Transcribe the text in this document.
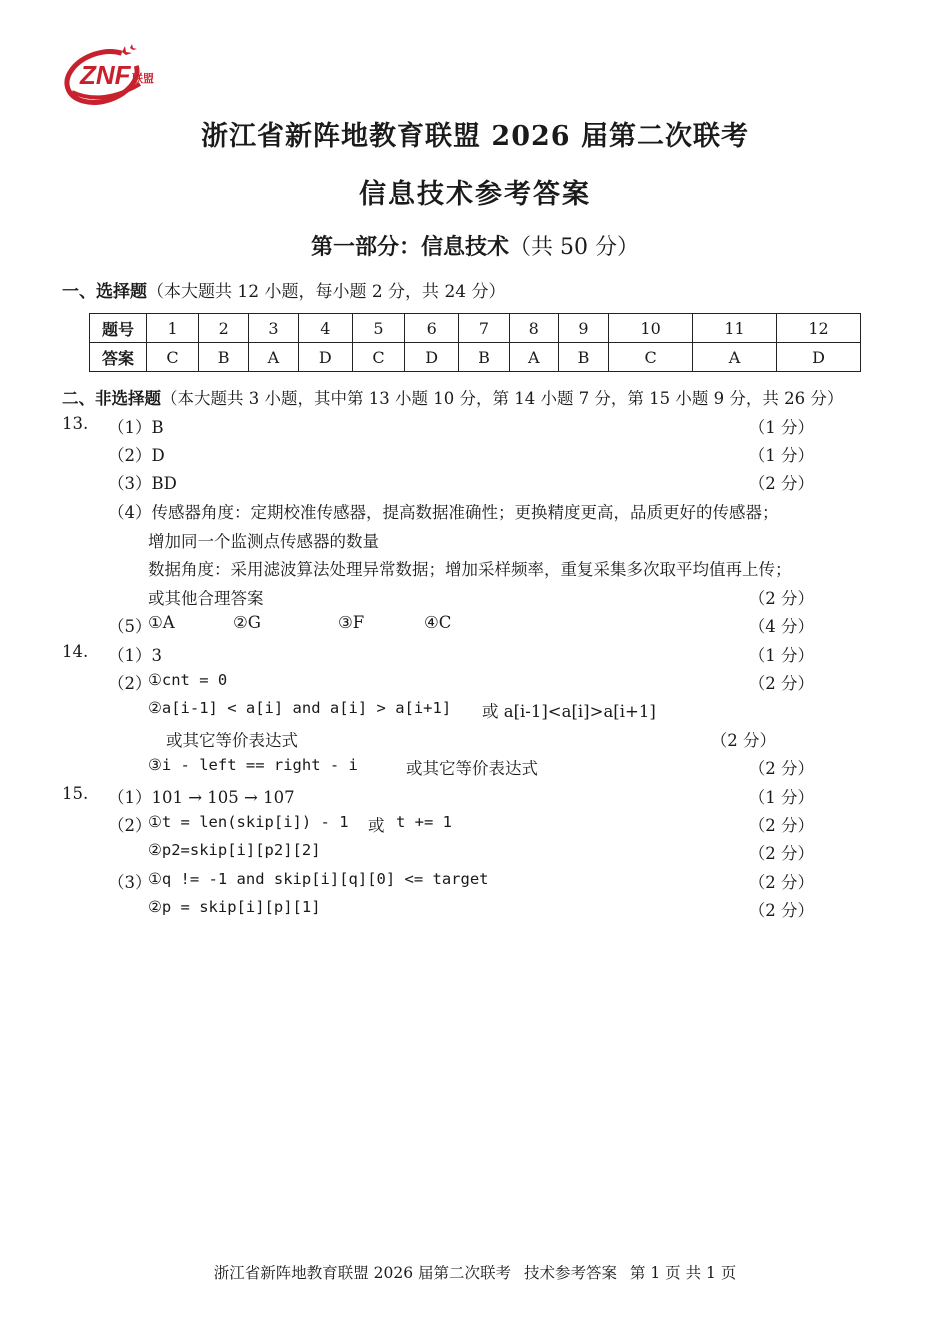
ZNF 联盟
浙江省新阵地教育联盟 2026 届第二次联考
信息技术参考答案
第一部分：信息技术（共 50 分）
一、选择题（本大题共 12 小题，每小题 2 分，共 24 分）
题号	1	2	3	4	5	6	7	8	9	10	11	12
答案	C	B	A	D	C	D	B	A	B	C	A	D
二、非选择题（本大题共 3 小题，其中第 13 小题 10 分，第 14 小题 7 分，第 15 小题 9 分，共 26 分）
13. （1）B	（1 分）
（2）D	（1 分）
（3）BD	（2 分）
（4）传感器角度：定期校准传感器，提高数据准确性；更换精度更高，品质更好的传感器；
增加同一个监测点传感器的数量
数据角度：采用滤波算法处理异常数据；增加采样频率，重复采集多次取平均值再上传；
或其他合理答案	（2 分）
（5）
①A	②G	③F	④C	（4 分）
14. （1）3	（1 分）
（2）
①cnt = 0	（2 分）
②a[i-1] < a[i] and a[i] > a[i+1] 或 a[i-1]<a[i]>a[i+1]
或其它等价表达式	（2 分）
③i - left == right - i	或其它等价表达式	（2 分）
15. （1）101 → 105 → 107	（1 分）
（2）
①t = len(skip[i]) - 1 或 t += 1	（2 分）
②p2=skip[i][p2][2]	（2 分）
（3）
①q != -1 and skip[i][q][0] <= target	（2 分）
②p = skip[i][p][1]	（2 分）
浙江省新阵地教育联盟 2026 届第二次联考 技术参考答案 第 1 页 共 1 页
